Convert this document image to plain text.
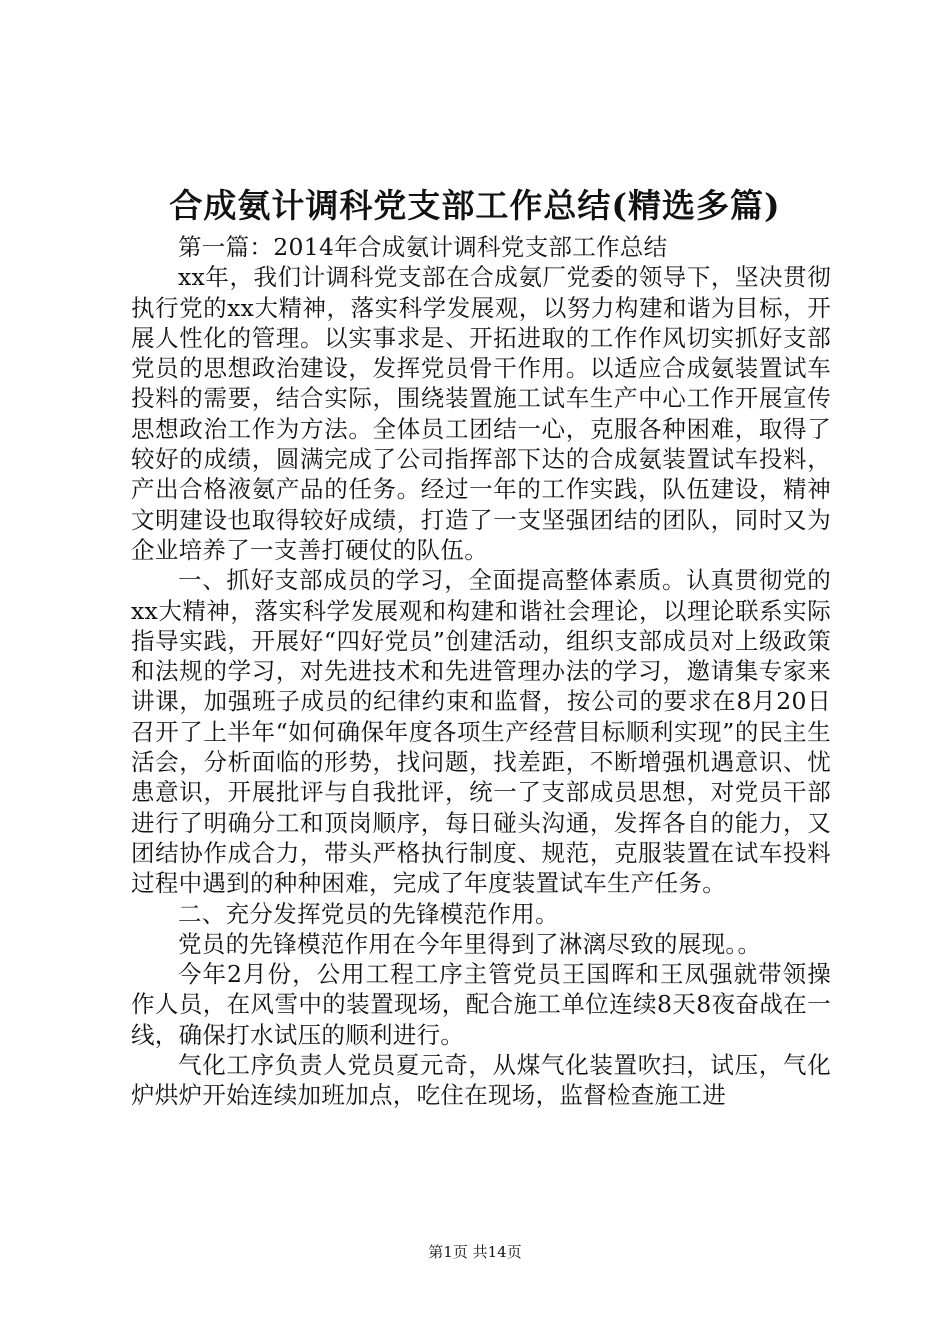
合成氨计调科党支部工作总结(精选多篇)

第一篇：2014年合成氨计调科党支部工作总结

xx年，我们计调科党支部在合成氨厂党委的领导下，坚决贯彻执行党的xx大精神，落实科学发展观，以努力构建和谐为目标，开展人性化的管理。以实事求是、开拓进取的工作作风切实抓好支部党员的思想政治建设，发挥党员骨干作用。以适应合成氨装置试车投料的需要，结合实际，围绕装置施工试车生产中心工作开展宣传思想政治工作为方法。全体员工团结一心，克服各种困难，取得了较好的成绩，圆满完成了公司指挥部下达的合成氨装置试车投料，产出合格液氨产品的任务。经过一年的工作实践，队伍建设，精神文明建设也取得较好成绩，打造了一支坚强团结的团队，同时又为企业培养了一支善打硬仗的队伍。

一、抓好支部成员的学习，全面提高整体素质。认真贯彻党的xx大精神，落实科学发展观和构建和谐社会理论，以理论联系实际指导实践，开展好“四好党员”创建活动，组织支部成员对上级政策和法规的学习，对先进技术和先进管理办法的学习，邀请集专家来讲课，加强班子成员的纪律约束和监督，按公司的要求在8月20日召开了上半年“如何确保年度各项生产经营目标顺利实现”的民主生活会，分析面临的形势，找问题，找差距，不断增强机遇意识、忧患意识，开展批评与自我批评，统一了支部成员思想，对党员干部进行了明确分工和顶岗顺序，每日碰头沟通，发挥各自的能力，又团结协作成合力，带头严格执行制度、规范，克服装置在试车投料过程中遇到的种种困难，完成了年度装置试车生产任务。

二、充分发挥党员的先锋模范作用。

党员的先锋模范作用在今年里得到了淋漓尽致的展现。。

今年2月份，公用工程工序主管党员王国晖和王凤强就带领操作人员，在风雪中的装置现场，配合施工单位连续8天8夜奋战在一线，确保打水试压的顺利进行。

气化工序负责人党员夏元奇，从煤气化装置吹扫，试压，气化炉烘炉开始连续加班加点，吃住在现场，监督检查施工进

第1页 共14页
